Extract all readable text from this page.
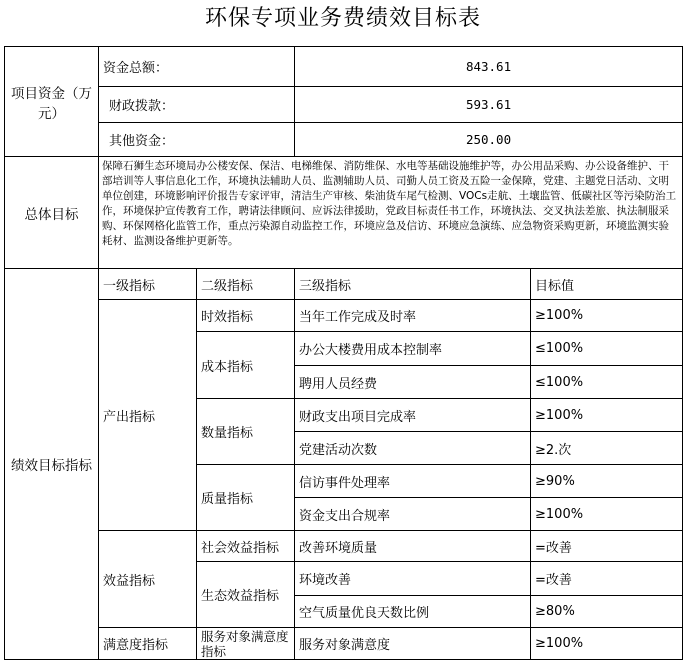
环保专项业务费绩效目标表
项目资金（万元）	资金总额：		843.61	
	财政拨款：		593.61	
	其他资金：		250.00	
总体目标	保障石狮生态环境局办公楼安保、保洁、电梯维保、消防维保、水电等基础设施维护等，办公用品采购、办公设备维护、干部培训等人事信息化工作，环境执法辅助人员、监测辅助人员、司勤人员工资及五险一金保障，党建、主题党日活动、文明单位创建，环境影响评价报告专家评审，清洁生产审核、柴油货车尾气检测、VOCs走航、土壤监管、低碳社区等污染防治工作，环境保护宣传教育工作，聘请法律顾问、应诉法律援助，党政目标责任书工作，环境执法、交叉执法差旅、执法制服采购、环保网格化监管工作，重点污染源自动监控工作，环境应急及信访、环境应急演练、应急物资采购更新，环境监测实验耗材、监测设备维护更新等。			
绩效目标指标	一级指标	二级指标	三级指标	目标值
	产出指标	时效指标	当年工作完成及时率	≥100%
		成本指标	办公大楼费用成本控制率	≤100%
			聘用人员经费	≤100%
		数量指标	财政支出项目完成率	≥100%
			党建活动次数	≥2.次
		质量指标	信访事件处理率	≥90%
			资金支出合规率	≥100%
	效益指标	社会效益指标	改善环境质量	=改善
		生态效益指标	环境改善	=改善
			空气质量优良天数比例	≥80%
	满意度指标	服务对象满意度指标	服务对象满意度	≥100%
